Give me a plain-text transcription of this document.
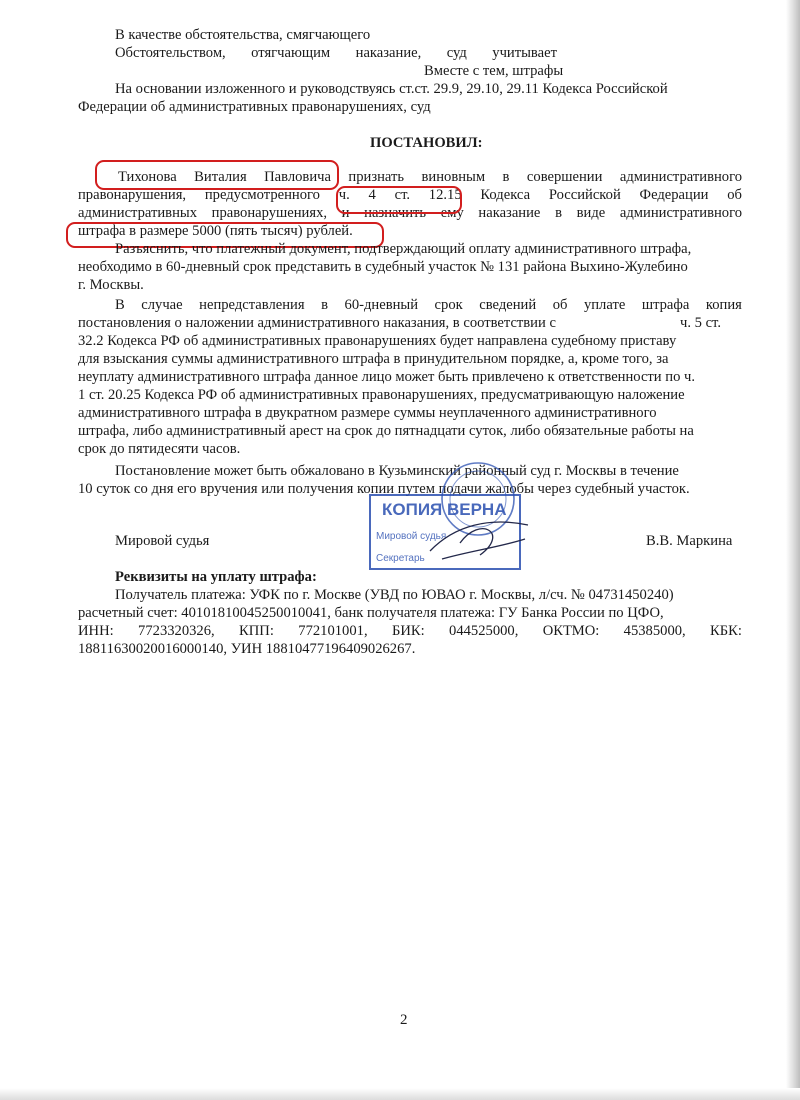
В качестве обстоятельства, смягчающего
Обстоятельством, отягчающим наказание, суд учитывает
Вместе с тем, штрафы
На основании изложенного и руководствуясь ст.ст. 29.9, 29.10, 29.11 Кодекса Российской
Федерации об административных правонарушениях, суд
ПОСТАНОВИЛ:
Тихонова Виталия Павловича признать виновным в совершении административного
правонарушения, предусмотренного ч. 4 ст. 12.15 Кодекса Российской Федерации об
административных правонарушениях, и назначить ему наказание в виде административного
штрафа в размере 5000 (пять тысяч) рублей.
Разъяснить, что платежный документ, подтверждающий оплату административного штрафа,
необходимо в 60-дневный срок представить в судебный участок № 131 района Выхино-Жулебино
г. Москвы.
В случае непредставления в 60-дневный срок сведений об уплате штрафа копия
постановления о наложении административного наказания, в соответствии с	ч. 5 ст.
32.2 Кодекса РФ об административных правонарушениях будет направлена судебному приставу
для взыскания суммы административного штрафа в принудительном порядке, а, кроме того, за
неуплату административного штрафа данное лицо может быть привлечено к ответственности по ч.
1 ст. 20.25 Кодекса РФ об административных правонарушениях, предусматривающую наложение
административного штрафа в двукратном размере суммы неуплаченного административного
штрафа, либо административный арест на срок до пятнадцати суток, либо обязательные работы на
срок до пятидесяти часов.
Постановление может быть обжаловано в Кузьминский районный суд г. Москвы в течение
10 суток со дня его вручения или получения копии путем подачи жалобы через судебный участок.
Мировой судья	В.В. Маркина
КОПИЯ ВЕРНА
Мировой судья
Секретарь
Реквизиты на уплату штрафа:
Получатель платежа: УФК по г. Москве (УВД по ЮВАО г. Москвы, л/сч. № 04731450240)
расчетный счет: 40101810045250010041, банк получателя платежа: ГУ Банка России по ЦФО,
ИНН: 7723320326, КПП: 772101001, БИК: 044525000, ОКТМО: 45385000, КБК:
18811630020016000140, УИН 18810477196409026267.
2
